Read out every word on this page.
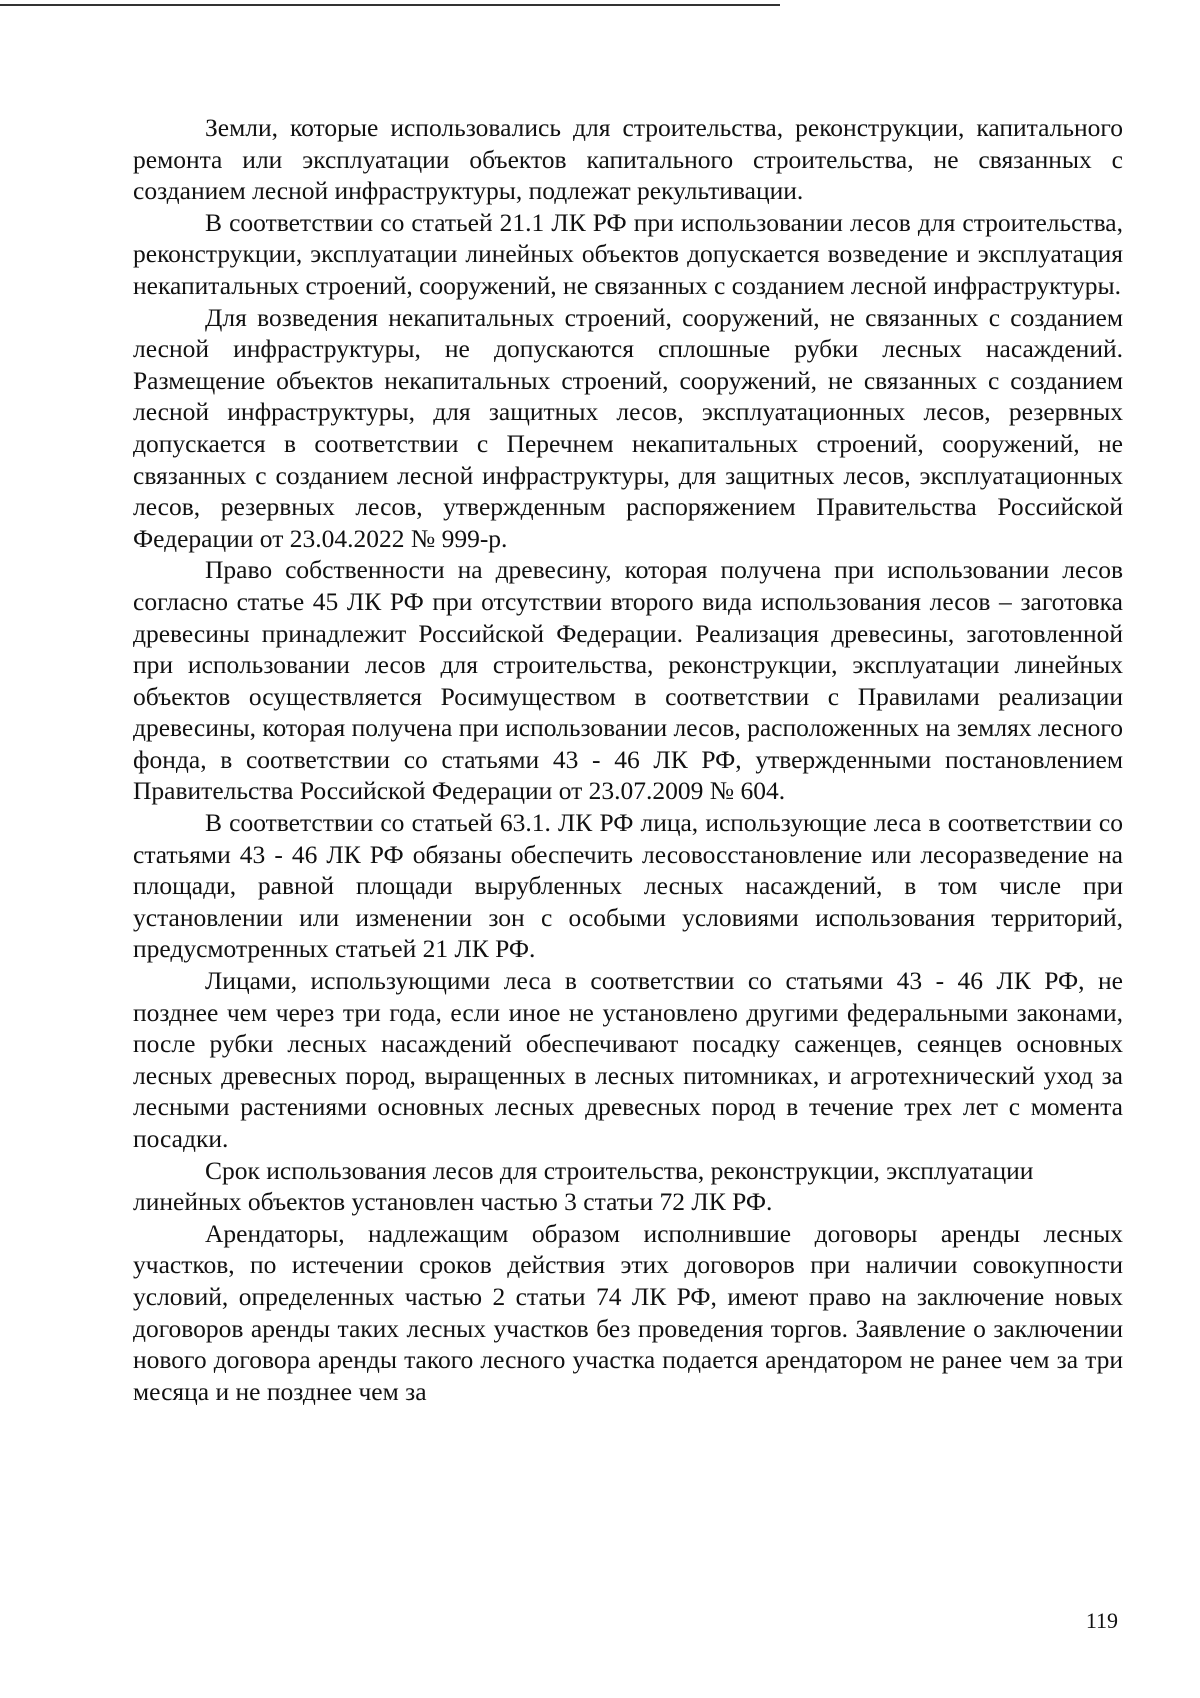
Земли, которые использовались для строительства, реконструкции, капитального ремонта или эксплуатации объектов капитального строительства, не связанных с созданием лесной инфраструктуры, подлежат рекультивации.

В соответствии со статьей 21.1 ЛК РФ при использовании лесов для строительства, реконструкции, эксплуатации линейных объектов допускается возведение и эксплуатация некапитальных строений, сооружений, не связанных с созданием лесной инфраструктуры.

Для возведения некапитальных строений, сооружений, не связанных с созданием лесной инфраструктуры, не допускаются сплошные рубки лесных насаждений. Размещение объектов некапитальных строений, сооружений, не связанных с созданием лесной инфраструктуры, для защитных лесов, эксплуатационных лесов, резервных допускается в соответствии с Перечнем некапитальных строений, сооружений, не связанных с созданием лесной инфраструктуры, для защитных лесов, эксплуатационных лесов, резервных лесов, утвержденным распоряжением Правительства Российской Федерации от 23.04.2022 № 999-р.

Право собственности на древесину, которая получена при использовании лесов согласно статье 45 ЛК РФ при отсутствии второго вида использования лесов – заготовка древесины принадлежит Российской Федерации. Реализация древесины, заготовленной при использовании лесов для строительства, реконструкции, эксплуатации линейных объектов осуществляется Росимуществом в соответствии с Правилами реализации древесины, которая получена при использовании лесов, расположенных на землях лесного фонда, в соответствии со статьями 43 - 46 ЛК РФ, утвержденными постановлением Правительства Российской Федерации от 23.07.2009 № 604.

В соответствии со статьей 63.1. ЛК РФ лица, использующие леса в соответствии со статьями 43 - 46 ЛК РФ обязаны обеспечить лесовосстановление или лесоразведение на площади, равной площади вырубленных лесных насаждений, в том числе при установлении или изменении зон с особыми условиями использования территорий, предусмотренных статьей 21 ЛК РФ.

Лицами, использующими леса в соответствии со статьями 43 - 46 ЛК РФ, не позднее чем через три года, если иное не установлено другими федеральными законами, после рубки лесных насаждений обеспечивают посадку саженцев, сеянцев основных лесных древесных пород, выращенных в лесных питомниках, и агротехнический уход за лесными растениями основных лесных древесных пород в течение трех лет с момента посадки.

Срок использования лесов для строительства, реконструкции, эксплуатации линейных объектов установлен частью 3 статьи 72 ЛК РФ.

Арендаторы, надлежащим образом исполнившие договоры аренды лесных участков, по истечении сроков действия этих договоров при наличии совокупности условий, определенных частью 2 статьи 74 ЛК РФ, имеют право на заключение новых договоров аренды таких лесных участков без проведения торгов. Заявление о заключении нового договора аренды такого лесного участка подается арендатором не ранее чем за три месяца и не позднее чем за

119
